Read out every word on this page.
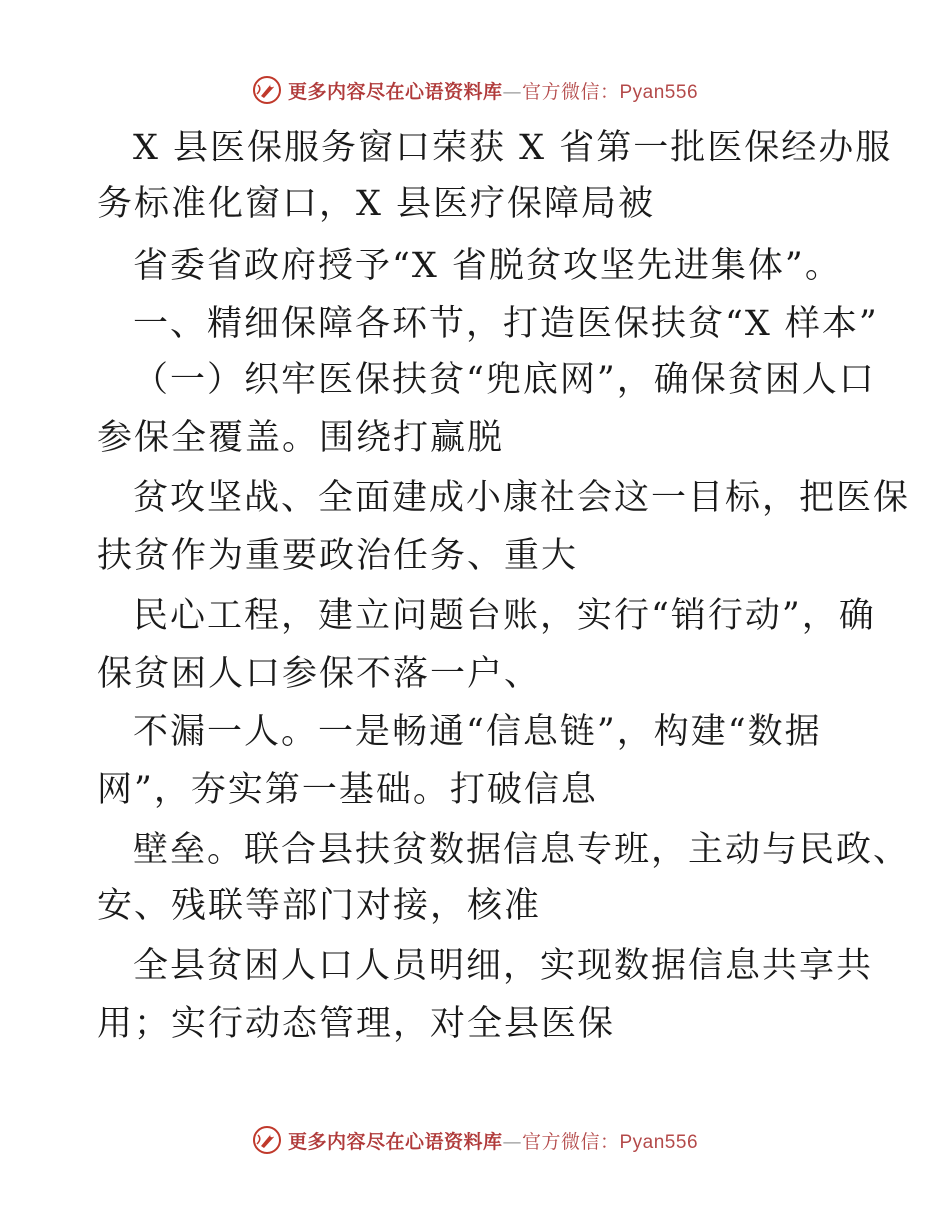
更多内容尽在心语资料库—官方微信：Pyan556
X 县医保服务窗口荣获 X 省第一批医保经办服
务标准化窗口，X 县医疗保障局被
省委省政府授予“X 省脱贫攻坚先进集体”。
一、精细保障各环节，打造医保扶贫“X 样本”
（一）织牢医保扶贫“兜底网”，确保贫困人口
参保全覆盖。围绕打赢脱
贫攻坚战、全面建成小康社会这一目标，把医保
扶贫作为重要政治任务、重大
民心工程，建立问题台账，实行“销行动”，确
保贫困人口参保不落一户、
不漏一人。一是畅通“信息链”，构建“数据
网”，夯实第一基础。打破信息
壁垒。联合县扶贫数据信息专班，主动与民政、
安、残联等部门对接，核准
全县贫困人口人员明细，实现数据信息共享共
用；实行动态管理，对全县医保
更多内容尽在心语资料库—官方微信：Pyan556
